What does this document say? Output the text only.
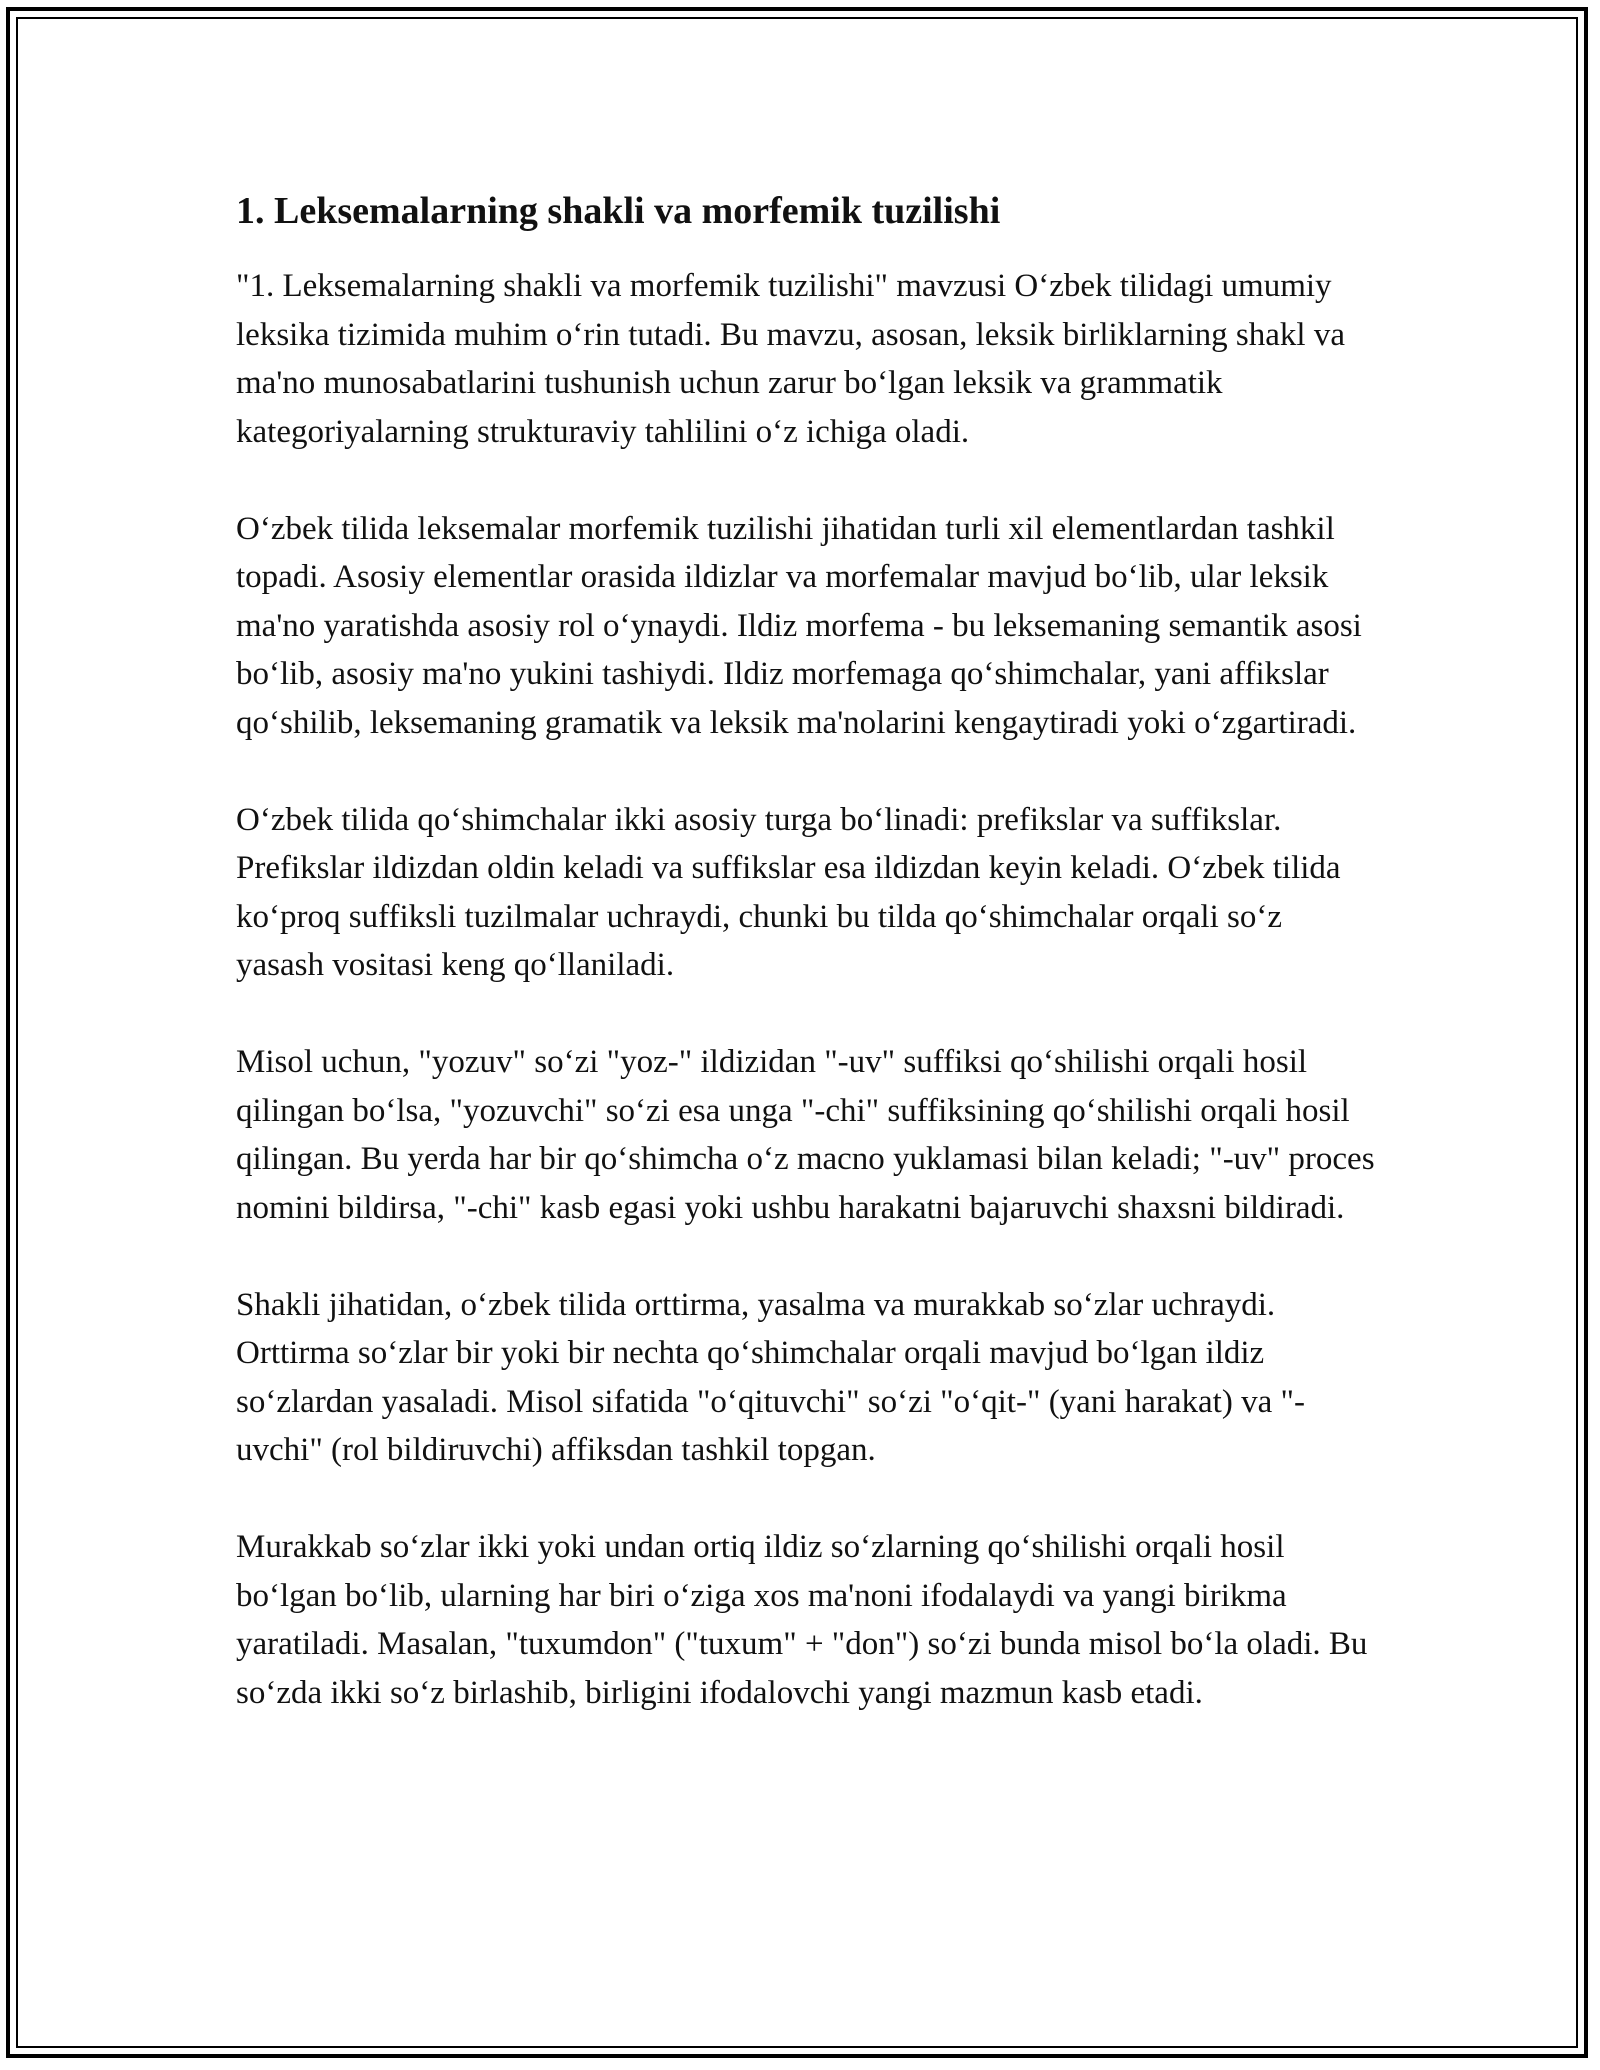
1. Leksemalarning shakli va morfemik tuzilishi

"1. Leksemalarning shakli va morfemik tuzilishi" mavzusi O‘zbek tilidagi umumiy leksika tizimida muhim o‘rin tutadi. Bu mavzu, asosan, leksik birliklarning shakl va ma'no munosabatlarini tushunish uchun zarur bo‘lgan leksik va grammatik kategoriyalarning strukturaviy tahlilini o‘z ichiga oladi.

O‘zbek tilida leksemalar morfemik tuzilishi jihatidan turli xil elementlardan tashkil topadi. Asosiy elementlar orasida ildizlar va morfemalar mavjud bo‘lib, ular leksik ma'no yaratishda asosiy rol o‘ynaydi. Ildiz morfema - bu leksemaning semantik asosi bo‘lib, asosiy ma'no yukini tashiydi. Ildiz morfemaga qo‘shimchalar, yani affikslar qo‘shilib, leksemaning gramatik va leksik ma'nolarini kengaytiradi yoki o‘zgartiradi.

O‘zbek tilida qo‘shimchalar ikki asosiy turga bo‘linadi: prefikslar va suffikslar. Prefikslar ildizdan oldin keladi va suffikslar esa ildizdan keyin keladi. O‘zbek tilida ko‘proq suffiksli tuzilmalar uchraydi, chunki bu tilda qo‘shimchalar orqali so‘z yasash vositasi keng qo‘llaniladi.

Misol uchun, "yozuv" so‘zi "yoz-" ildizidan "-uv" suffiksi qo‘shilishi orqali hosil qilingan bo‘lsa, "yozuvchi" so‘zi esa unga "-chi" suffiksining qo‘shilishi orqali hosil qilingan. Bu yerda har bir qo‘shimcha o‘z macno yuklamasi bilan keladi; "-uv" proces nomini bildirsa, "-chi" kasb egasi yoki ushbu harakatni bajaruvchi shaxsni bildiradi.

Shakli jihatidan, o‘zbek tilida orttirma, yasalma va murakkab so‘zlar uchraydi. Orttirma so‘zlar bir yoki bir nechta qo‘shimchalar orqali mavjud bo‘lgan ildiz so‘zlardan yasaladi. Misol sifatida "o‘qituvchi" so‘zi "o‘qit-" (yani harakat) va "-uvchi" (rol bildiruvchi) affiksdan tashkil topgan.

Murakkab so‘zlar ikki yoki undan ortiq ildiz so‘zlarning qo‘shilishi orqali hosil bo‘lgan bo‘lib, ularning har biri o‘ziga xos ma'noni ifodalaydi va yangi birikma yaratiladi. Masalan, "tuxumdon" ("tuxum" + "don") so‘zi bunda misol bo‘la oladi. Bu so‘zda ikki so‘z birlashib, birligini ifodalovchi yangi mazmun kasb etadi.
